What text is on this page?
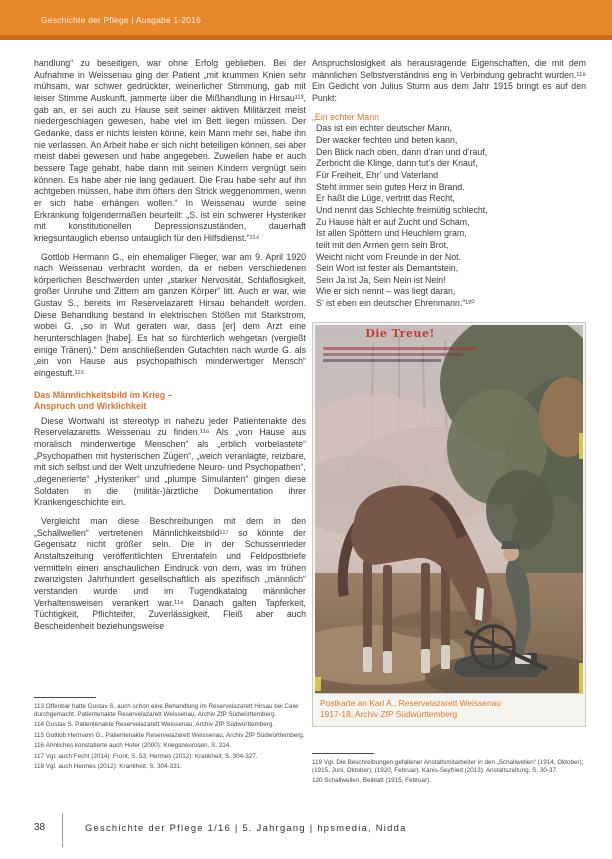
Geschichte der Pflege | Ausgabe 1-2016

handlung“ zu beseitigen, war ohne Erfolg geblieben. Bei der Aufnahme in Weissenau ging der Patient „mit krummen Knien sehr mühsam, war schwer gedrückter, weinerlicher Stimmung, gab mit leiser Stimme Auskunft, jammerte über die Mißhandlung in Hirsau¹¹³, gab an, er sei auch zu Hause seit seiner aktiven Militärzeit meist niedergeschlagen gewesen, habe viel im Bett liegen müssen. Der Gedanke, dass er nichts leisten könne, kein Mann mehr sei, habe ihn nie verlassen. An Arbeit habe er sich nicht beteiligen können, sei aber meist dabei gewesen und habe angegeben. Zuweilen habe er auch bessere Tage gehabt, habe dann mit seinen Kindern vergnügt sein können. Es habe aber nie lang gedauert. Die Frau habe sehr auf ihn achtgeben müssen, habe ihm öfters den Strick weggenommen, wenn er sich habe erhängen wollen.“ In Weissenau wurde seine Erkrankung folgendermaßen beurteilt: „S. ist ein schwerer Hysteriker mit konstitutionellen Depressionszuständen, dauerhaft kriegsuntauglich ebenso untauglich für den Hilfsdienst.“¹¹⁴

Gottlob Hermann G., ein ehemaliger Flieger, war am 9. April 1920 nach Weissenau verbracht worden, da er neben verschiedenen körperlichen Beschwerden unter „starker Nervosität, Schlaflosigkeit, großer Unruhe und Zittern am ganzen Körper“ litt. Auch er war, wie Gustav S., bereits im Reservelazarett Hirsau behandelt worden. Diese Behandlung bestand in elektrischen Stößen mit Starkstrom, wobei G. „so in Wut geraten war, dass [er] dem Arzt eine herunterschlagen [habe]. Es hat so fürchterlich wehgetan (vergießt einige Tränen).“ Dem anschließenden Gutachten nach wurde G. als „ein von Hause aus psychopathisch minderwertiger Mensch“ eingestuft.¹¹⁵

Das Männlichkeitsbild im Krieg –
Anspruch und Wirklichkeit

Diese Wortwahl ist stereotyp in nahezu jeder Patientenakte des Reservelazaretts Weissenau zu finden.¹¹⁶ Als „von Hause aus moralisch minderwertige Menschen“ als „erblich vorbelastete“ „Psychopathen mit hysterischen Zügen“, „weich veranlagte, reizbare, mit sich selbst und der Welt unzufriedene Neuro- und Psychopathen“, „degenerierte“ „Hysteriker“ und „plumpe Simulanten“ gingen diese Soldaten in die (militär-)ärztliche Dokumentation ihrer Krankengeschichte ein.

Vergleicht man diese Beschreibungen mit dem in den „Schallwellen“ vertretenen Männlichkeitsbild¹¹⁷ so könnte der Gegensatz nicht größer sein. Die in der Schussenrieder Anstaltszeitung veröffentlichten Ehrentafeln und Feldpostbriefe vermitteln einen anschaulichen Eindruck von dem, was im frühen zwanzigsten Jahrhundert gesellschaftlich als spezifisch „männlich“ verstanden wurde und im Tugendkatalog männlicher Verhaltensweisen verankert war.¹¹⁸ Danach galten Tapferkeit, Tüchtigkeit, Pflichteifer, Zuverlässigkeit, Fleiß aber auch Bescheidenheit beziehungsweise

Anspruchslosigkeit als herausragende Eigenschaften, die mit dem männlichen Selbstverständnis eng in Verbindung gebracht wurden.¹¹⁹ Ein Gedicht von Julius Sturm aus dem Jahr 1915 bringt es auf den Punkt:

„Ein echter Mann
Das ist ein echter deutscher Mann,
Der wacker fechten und beten kann,
Den Blick nach oben, dann d’ran und d’rauf,
Zerbricht die Klinge, dann tut’s der Knauf,
Für Freiheit, Ehr’ und Vaterland
Steht immer sein gutes Herz in Brand.
Er haßt die Lüge, vertritt das Recht,
Und nennt das Schlechte freimütig schlecht,
Zu Hause hält er auf Zucht und Scham,
Ist allen Spöttern und Heuchlern gram,
teilt mit den Armen gern sein Brot,
Weicht nicht vom Freunde in der Not.
Sein Wort ist fester als Demantstein,
Sein Ja ist Ja, Sein Nein ist Nein!
Wie er sich nennt – was liegt daran,
S’ ist eben ein deutscher Ehrenmann.“¹²⁰
Die Treue!
Postkarte an Karl A., Reservelazarett Weissenau
1917-18, Archiv ZfP Südwürttemberg

113 Offenbar hatte Gustav S. auch schon eine Behandlung im Reservelazarett Hirsau bei Calw durchgemacht. Patientenakte Reservelazarett Weissenau, Archiv ZfP Südwürttemberg.

114 Gustav S. Patientenakte Reservelazarett Weissenau, Archiv ZfP Südwürttemberg.

115 Gottlob Hermann G., Patientenakte Reservelazarett Weissenau, Archiv ZfP Südwürttemberg.

116 Ähnliches konstatierte auch Hofer (2000): Kriegsneurosen, S. 314.

117 Vgl. auch Fecht (2014): Front, S. 53; Hermes (2012): Krankheit, S. 304-327.

118 Vgl. auch Hermes (2012): Krankheit, S. 304-331.

119 Vgl. Die Beschreibungen gefallener Anstaltsmitarbeiter in den „Schallwellen“ (1914, Oktober); (1915, Juni, Oktober); (1920, Februar). Kanis-Seyfried (2013): Anstaltszeitung, S. 30-37.

120 Schallwellen, Beiblatt (1915, Februar).

38	Geschichte der Pflege 1/16 | 5. Jahrgang | hpsmedia, Nidda
